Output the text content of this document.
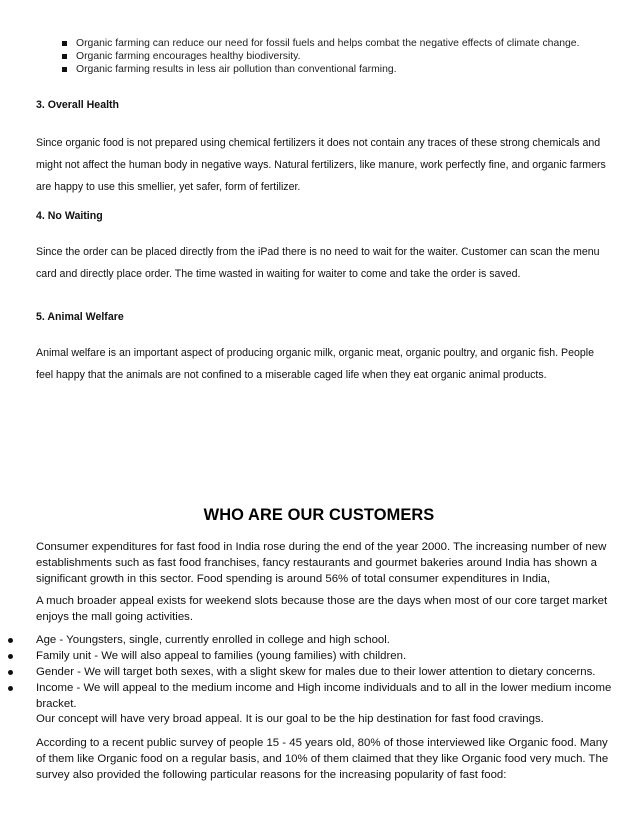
Organic farming can reduce our need for fossil fuels and helps combat the negative effects of climate change.
Organic farming encourages healthy biodiversity.
Organic farming results in less air pollution than conventional farming.
3. Overall Health
Since organic food is not prepared using chemical fertilizers it does not contain any traces of these strong chemicals and might not affect the human body in negative ways. Natural fertilizers, like manure, work perfectly fine, and organic farmers are happy to use this smellier, yet safer, form of fertilizer.
4. No Waiting
Since the order can be placed directly from the iPad there is no need to wait for the waiter. Customer can scan the menu card and directly place order. The time wasted in waiting for waiter to come and take the order is saved.
5. Animal Welfare
Animal welfare is an important aspect of producing organic milk, organic meat, organic poultry, and organic fish. People feel happy that the animals are not confined to a miserable caged life when they eat organic animal products.
WHO ARE OUR CUSTOMERS
Consumer expenditures for fast food in India rose during the end of the year 2000. The increasing number of new establishments such as fast food franchises, fancy restaurants and gourmet bakeries around India has shown a significant growth in this sector. Food spending is around 56% of total consumer expenditures in India,
A much broader appeal exists for weekend slots because those are the days when most of our core target market enjoys the mall going activities.
Age - Youngsters, single, currently enrolled in college and high school.
Family unit - We will also appeal to families (young families) with children.
Gender - We will target both sexes, with a slight skew for males due to their lower attention to dietary concerns.
Income - We will appeal to the medium income and High income individuals and to all in the lower medium income bracket.
Our concept will have very broad appeal. It is our goal to be the hip destination for fast food cravings.
According to a recent public survey of people 15 - 45 years old, 80% of those interviewed like Organic food. Many of them like Organic food on a regular basis, and 10% of them claimed that they like Organic food very much. The survey also provided the following particular reasons for the increasing popularity of fast food:
